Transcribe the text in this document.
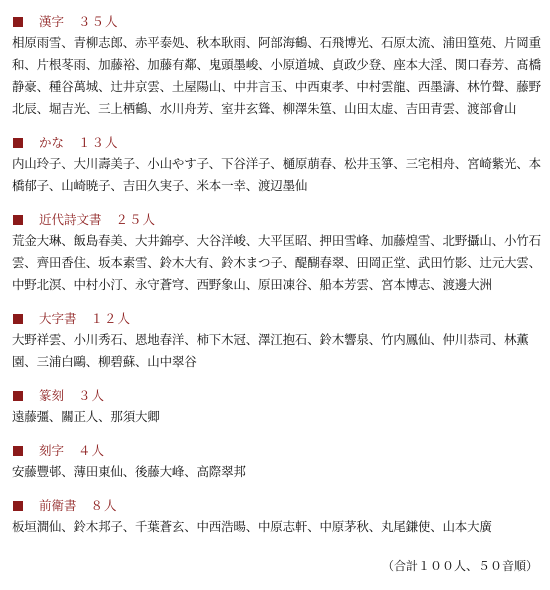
漢字 ３５人
相原雨雪、青柳志郎、赤平泰処、秋本耿雨、阿部海鶴、石飛博光、石原太流、浦田篁苑、片岡重和、片根苳雨、加藤裕、加藤有鄰、鬼頭墨峻、小原道城、貞政少登、座本大淫、関口春芳、髙橋静豪、種谷萬城、辻井京雲、土屋陽山、中井言玉、中西東孝、中村雲龍、西墨濤、林竹聲、藤野北辰、堀吉光、三上栖鶴、水川舟芳、室井玄聳、柳澤朱篁、山田太虚、吉田青雲、渡部會山
かな １３人
内山玲子、大川壽美子、小山やす子、下谷洋子、樋原萠春、松井玉箏、三宅相舟、宮崎紫光、本橋郁子、山崎暁子、吉田久実子、米本一幸、渡辺墨仙
近代詩文書 ２５人
荒金大琳、飯島春美、大井錦亭、大谷洋峻、大平匡昭、押田雪峰、加藤煌雪、北野攝山、小竹石雲、齊田香住、坂本素雪、鈴木大有、鈴木まつ子、醍醐春翠、田岡正堂、武田竹影、辻元大雲、中野北溟、中村小汀、永守蒼穹、西野象山、原田凍谷、船本芳雲、宮本博志、渡邊大洲
大字書 １２人
大野祥雲、小川秀石、恩地春洋、柿下木冠、澤江抱石、鈴木響泉、竹内鳳仙、仲川恭司、林薫園、三浦白鷗、柳碧蘇、山中翠谷
篆刻 ３人
遠藤彊、關正人、那須大卿
刻字 ４人
安藤豐邨、薄田東仙、後藤大峰、高際翠邦
前衛書 ８人
板垣澗仙、鈴木邦子、千葉蒼玄、中西浩暘、中原志軒、中原茅秋、丸尾鎌使、山本大廣
（合計１００人、５０音順）
